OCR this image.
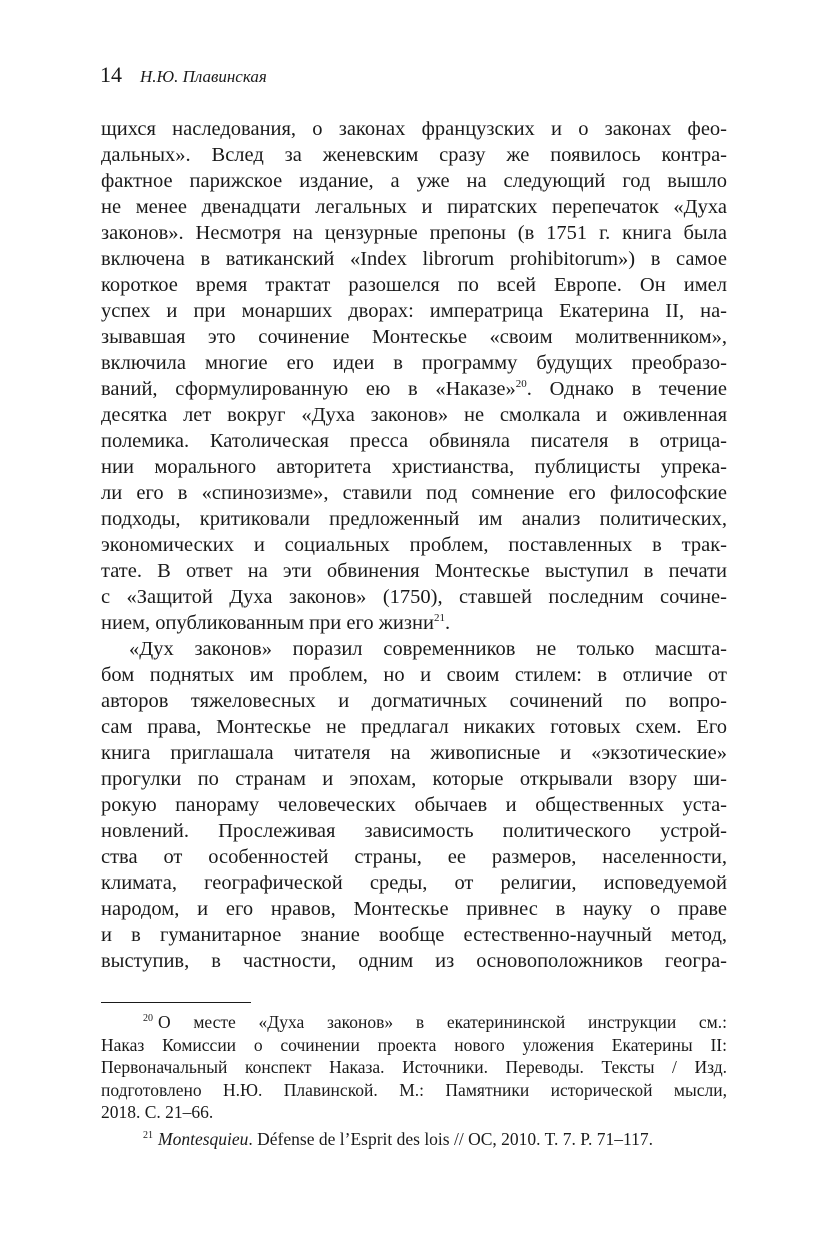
14 Н.Ю. Плавинская

щихся наследования, о законах французских и о законах фео-
дальных». Вслед за женевским сразу же появилось контра-
фактное парижское издание, а уже на следующий год вышло
не менее двенадцати легальных и пиратских перепечаток «Духа
законов». Несмотря на цензурные препоны (в 1751 г. книга была
включена в ватиканский «Index librorum prohibitorum») в самое
короткое время трактат разошелся по всей Европе. Он имел
успех и при монарших дворах: императрица Екатерина II, на-
зывавшая это сочинение Монтескье «своим молитвенником»,
включила многие его идеи в программу будущих преобразо-
ваний, сформулированную ею в «Наказе»$^{20}$. Однако в течение
десятка лет вокруг «Духа законов» не смолкала и оживленная
полемика. Католическая пресса обвиняла писателя в отрица-
нии морального авторитета христианства, публицисты упрека-
ли его в «спинозизме», ставили под сомнение его философские
подходы, критиковали предложенный им анализ политических,
экономических и социальных проблем, поставленных в трак-
тате. В ответ на эти обвинения Монтескье выступил в печати
с «Защитой Духа законов» (1750), ставшей последним сочине-
нием, опубликованным при его жизни$^{21}$.

«Дух законов» поразил современников не только масшта-
бом поднятых им проблем, но и своим стилем: в отличие от
авторов тяжеловесных и догматичных сочинений по вопро-
сам права, Монтескье не предлагал никаких готовых схем. Его
книга приглашала читателя на живописные и «экзотические»
прогулки по странам и эпохам, которые открывали взору ши-
рокую панораму человеческих обычаев и общественных уста-
новлений. Прослеживая зависимость политического устрой-
ства от особенностей страны, ее размеров, населенности,
климата, географической среды, от религии, исповедуемой
народом, и его нравов, Монтескье привнес в науку о праве
и в гуманитарное знание вообще естественно-научный метод,
выступив, в частности, одним из основоположников геогра-

$^{20}$ О месте «Духа законов» в екатерининской инструкции см.:
Наказ Комиссии о сочинении проекта нового уложения Екатерины II:
Первоначальный конспект Наказа. Источники. Переводы. Тексты / Изд.
подготовлено Н.Ю. Плавинской. М.: Памятники исторической мысли,
2018. С. 21–66.
$^{21}$ Montesquieu. Défense de l’Esprit des lois // OC, 2010. T. 7. P. 71–117.
